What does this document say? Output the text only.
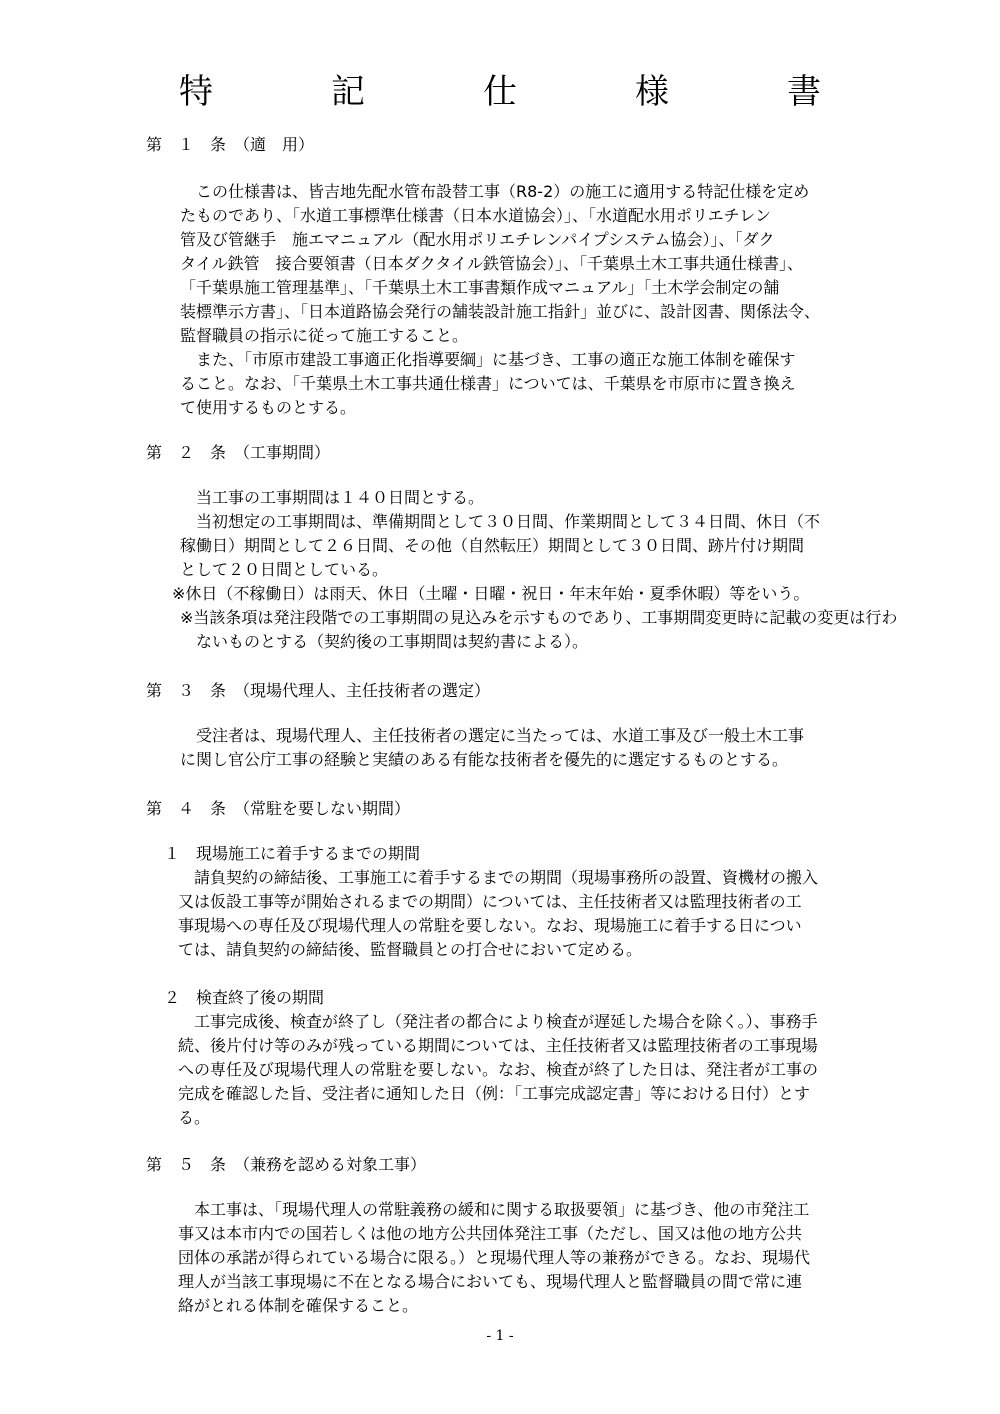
特　記　仕　様　書
第　１　条　（適　用）
　この仕様書は、皆吉地先配水管布設替工事（R8-2）の施工に適用する特記仕様を定め
たものであり、「水道工事標準仕様書（日本水道協会）」、「水道配水用ポリエチレン
管及び管継手　施エマニュアル（配水用ポリエチレンパイプシステム協会）」、「ダク
タイル鉄管　接合要領書（日本ダクタイル鉄管協会）」、「千葉県土木工事共通仕様書」、
「千葉県施工管理基準」、「千葉県土木工事書類作成マニュアル」「土木学会制定の舗
装標準示方書」、「日本道路協会発行の舗装設計施工指針」並びに、設計図書、関係法令、
監督職員の指示に従って施工すること。
　また、「市原市建設工事適正化指導要綱」に基づき、工事の適正な施工体制を確保す
ること。なお、「千葉県土木工事共通仕様書」については、千葉県を市原市に置き換え
て使用するものとする。
第　２　条　（工事期間）
　当工事の工事期間は１４０日間とする。
　当初想定の工事期間は、準備期間として３０日間、作業期間として３４日間、休日（不
稼働日）期間として２６日間、その他（自然転圧）期間として３０日間、跡片付け期間
として２０日間としている。
※休日（不稼働日）は雨天、休日（土曜・日曜・祝日・年末年始・夏季休暇）等をいう。
※当該条項は発注段階での工事期間の見込みを示すものであり、工事期間変更時に記載の変更は行わ
　ないものとする（契約後の工事期間は契約書による）。
第　３　条　（現場代理人、主任技術者の選定）
　受注者は、現場代理人、主任技術者の選定に当たっては、水道工事及び一般土木工事
に関し官公庁工事の経験と実績のある有能な技術者を優先的に選定するものとする。
第　４　条　（常駐を要しない期間）
１　現場施工に着手するまでの期間
　請負契約の締結後、工事施工に着手するまでの期間（現場事務所の設置、資機材の搬入
又は仮設工事等が開始されるまでの期間）については、主任技術者又は監理技術者の工
事現場への専任及び現場代理人の常駐を要しない。なお、現場施工に着手する日につい
ては、請負契約の締結後、監督職員との打合せにおいて定める。
２　検査終了後の期間
　工事完成後、検査が終了し（発注者の都合により検査が遅延した場合を除く。）、事務手
続、後片付け等のみが残っている期間については、主任技術者又は監理技術者の工事現場
への専任及び現場代理人の常駐を要しない。なお、検査が終了した日は、発注者が工事の
完成を確認した旨、受注者に通知した日（例：「工事完成認定書」等における日付）とす
る。
第　５　条　（兼務を認める対象工事）
　本工事は、「現場代理人の常駐義務の緩和に関する取扱要領」に基づき、他の市発注工
事又は本市内での国若しくは他の地方公共団体発注工事（ただし、国又は他の地方公共
団体の承諾が得られている場合に限る。）と現場代理人等の兼務ができる。なお、現場代
理人が当該工事現場に不在となる場合においても、現場代理人と監督職員の間で常に連
絡がとれる体制を確保すること。
- 1 -
